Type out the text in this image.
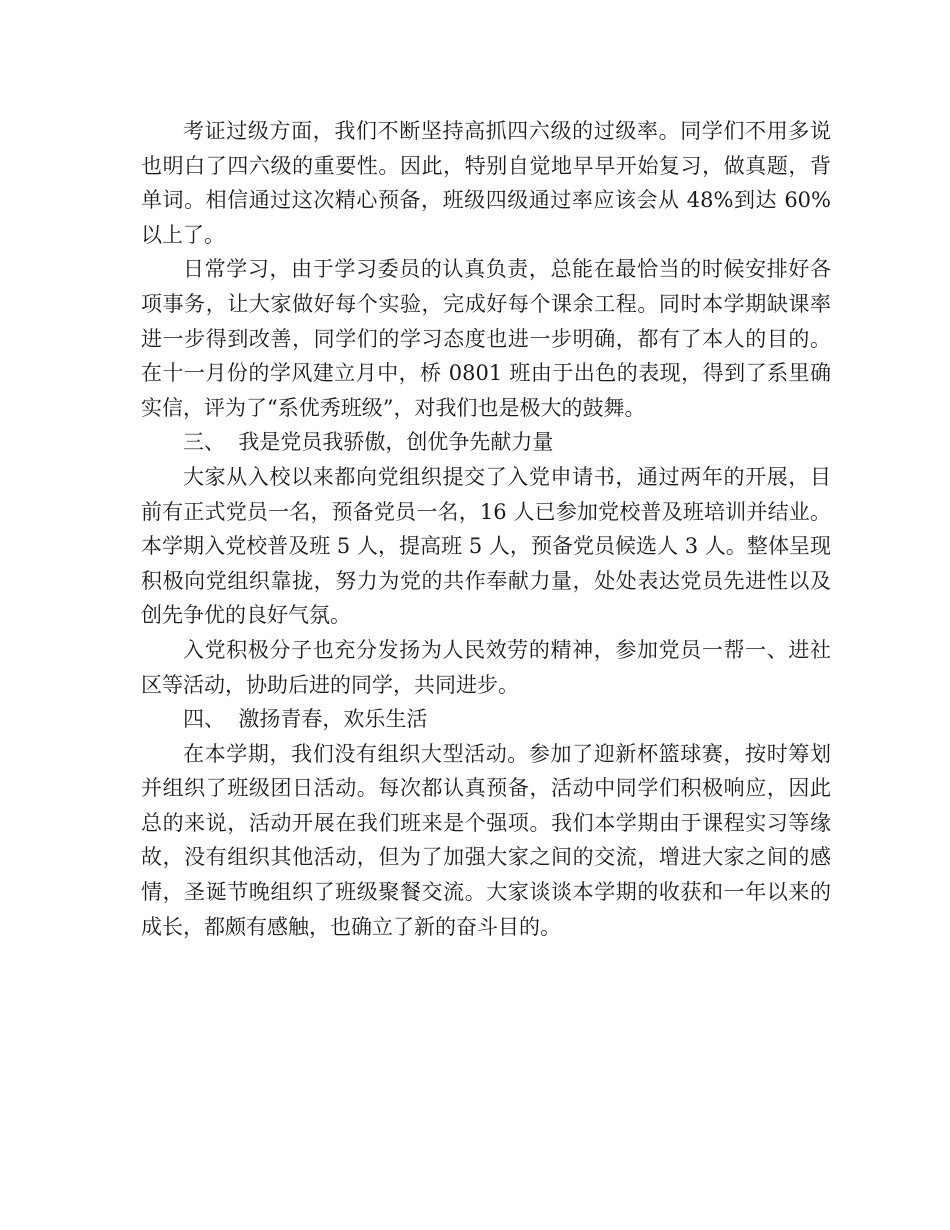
考证过级方面，我们不断坚持高抓四六级的过级率。同学们不用多说也明白了四六级的重要性。因此，特别自觉地早早开始复习，做真题，背单词。相信通过这次精心预备，班级四级通过率应该会从 48%到达 60%以上了。

日常学习，由于学习委员的认真负责，总能在最恰当的时候安排好各项事务，让大家做好每个实验，完成好每个课余工程。同时本学期缺课率进一步得到改善，同学们的学习态度也进一步明确，都有了本人的目的。在十一月份的学风建立月中，桥 0801 班由于出色的表现，得到了系里确实信，评为了“系优秀班级”，对我们也是极大的鼓舞。

三、  我是党员我骄傲，创优争先献力量

大家从入校以来都向党组织提交了入党申请书，通过两年的开展，目前有正式党员一名，预备党员一名，16 人已参加党校普及班培训并结业。本学期入党校普及班 5 人，提高班 5 人，预备党员候选人 3 人。整体呈现积极向党组织靠拢，努力为党的共作奉献力量，处处表达党员先进性以及创先争优的良好气氛。

入党积极分子也充分发扬为人民效劳的精神，参加党员一帮一、进社区等活动，协助后进的同学，共同进步。

四、  激扬青春，欢乐生活

在本学期，我们没有组织大型活动。参加了迎新杯篮球赛，按时筹划并组织了班级团日活动。每次都认真预备，活动中同学们积极响应，因此总的来说，活动开展在我们班来是个强项。我们本学期由于课程实习等缘故，没有组织其他活动，但为了加强大家之间的交流，增进大家之间的感情，圣诞节晚组织了班级聚餐交流。大家谈谈本学期的收获和一年以来的成长，都颇有感触，也确立了新的奋斗目的。
